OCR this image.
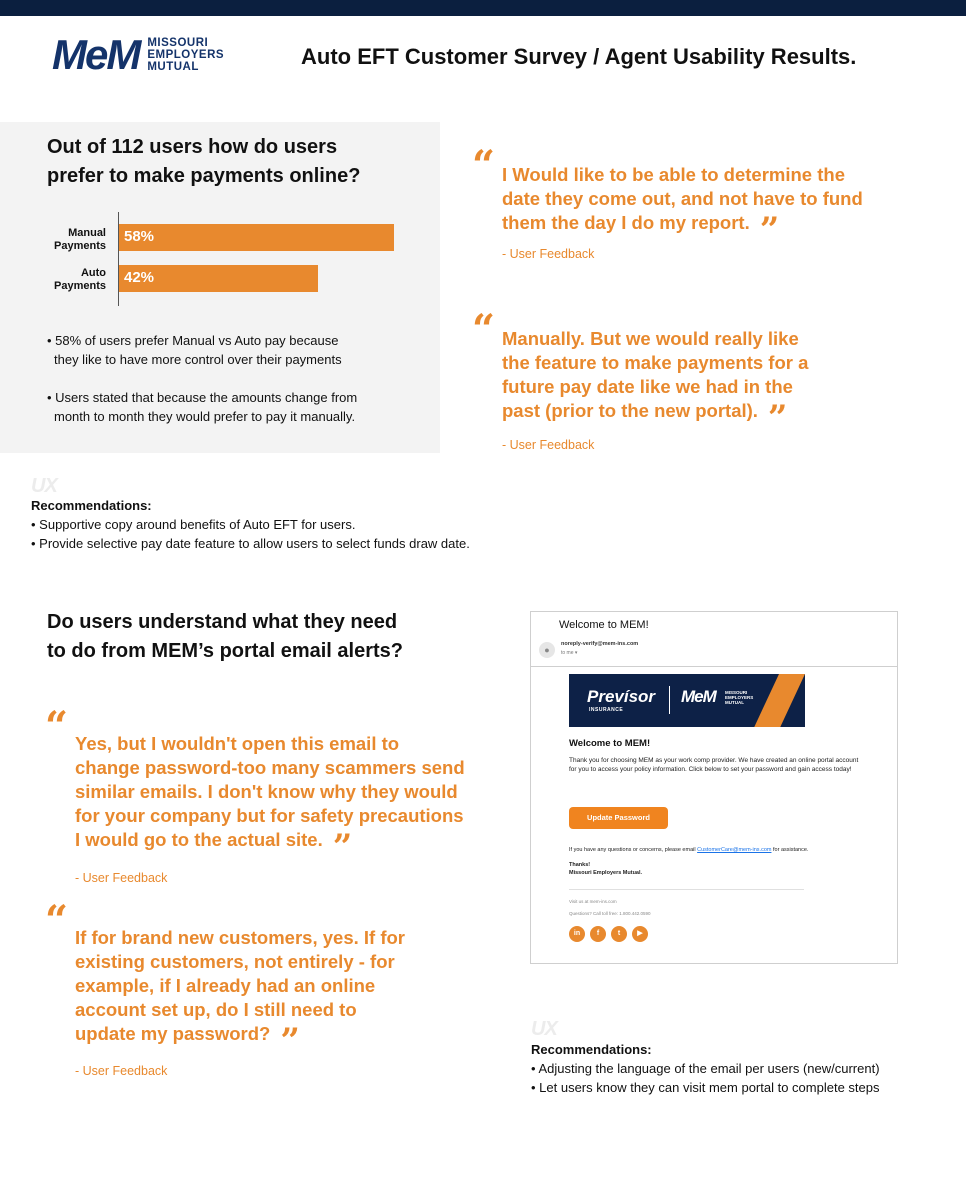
MeM MISSOURI
EMPLOYERS
MUTUAL	Auto EFT Customer Survey / Agent Usability Results.
Out of 112 users how do users
prefer to make payments online?
Manual
Payments
58%
Auto
Payments 42%
• 58% of users prefer Manual vs Auto pay because
they like to have more control over their payments
• Users stated that because the amounts change from
month to month they would prefer to pay it manually.
“ I Would like to be able to determine the
date they come out, and not have to fund
them the day I do my report. ”
- User Feedback
“ Manually. But we would really like
the feature to make payments for a
future pay date like we had in the
past (prior to the new portal). ”
- User Feedback
UX
Recommendations:
• Supportive copy around benefits of Auto EFT for users.
• Provide selective pay date feature to allow users to select funds draw date.
Do users understand what they need
to do from MEM’s portal email alerts?
“ Yes, but I wouldn't open this email to
change password-too many scammers send
similar emails. I don't know why they would
for your company but for safety precautions
I would go to the actual site. ”
- User Feedback
“ If for brand new customers, yes. If for
existing customers, not entirely - for
example, if I already had an online
account set up, do I still need to
update my password? ”
- User Feedback
Welcome to MEM!
●
noreply-verify@mem-ins.com
to me ▾
Prevísor
INSURANCE
MeM MISSOURI
EMPLOYERS
MUTUAL
Welcome to MEM!
Thank you for choosing MEM as your work comp provider. We have created an online portal account for you to access your policy information. Click below to set your password and gain access today!
Update Password
If you have any questions or concerns, please email CustomerCare@mem-ins.com for assistance.
Thanks!
Missouri Employers Mutual.
Visit us at mem-ins.com
Questions? Call toll free: 1.800.442.0590
in	f	t	▶
UX
Recommendations:
• Adjusting the language of the email per users (new/current)
• Let users know they can visit mem portal to complete steps
